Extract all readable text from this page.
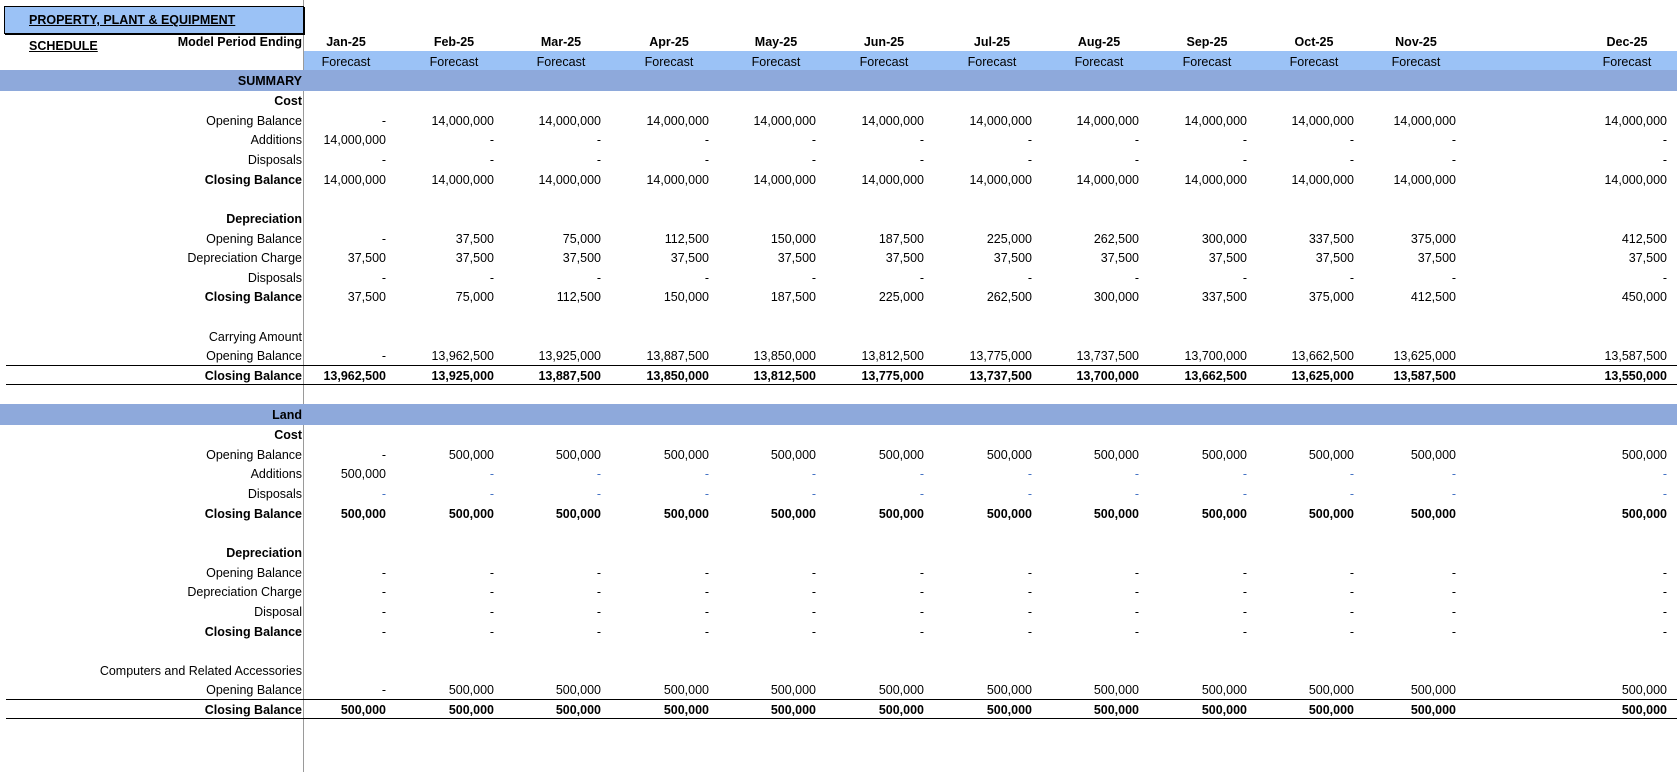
PROPERTY, PLANT & EQUIPMENT SCHEDULE	Model Period Ending	Jan-25	Feb-25	Mar-25	Apr-25	May-25	Jun-25	Jul-25	Aug-25	Sep-25	Oct-25	Nov-25	Dec-25
Forecast	Forecast	Forecast	Forecast	Forecast	Forecast	Forecast	Forecast	Forecast	Forecast	Forecast	Forecast
SUMMARY
Cost
Opening Balance	-	14,000,000	14,000,000	14,000,000	14,000,000	14,000,000	14,000,000	14,000,000	14,000,000	14,000,000	14,000,000	14,000,000
Additions	14,000,000	-	-	-	-	-	-	-	-	-	-	-
Disposals	-	-	-	-	-	-	-	-	-	-	-	-
Closing Balance	14,000,000	14,000,000	14,000,000	14,000,000	14,000,000	14,000,000	14,000,000	14,000,000	14,000,000	14,000,000	14,000,000	14,000,000
Depreciation
Opening Balance	-	37,500	75,000	112,500	150,000	187,500	225,000	262,500	300,000	337,500	375,000	412,500
Depreciation Charge	37,500	37,500	37,500	37,500	37,500	37,500	37,500	37,500	37,500	37,500	37,500	37,500
Disposals	-	-	-	-	-	-	-	-	-	-	-	-
Closing Balance	37,500	75,000	112,500	150,000	187,500	225,000	262,500	300,000	337,500	375,000	412,500	450,000
Carrying Amount
Opening Balance	-	13,962,500	13,925,000	13,887,500	13,850,000	13,812,500	13,775,000	13,737,500	13,700,000	13,662,500	13,625,000	13,587,500
Closing Balance	13,962,500	13,925,000	13,887,500	13,850,000	13,812,500	13,775,000	13,737,500	13,700,000	13,662,500	13,625,000	13,587,500	13,550,000
Land
Cost
Opening Balance	-	500,000	500,000	500,000	500,000	500,000	500,000	500,000	500,000	500,000	500,000	500,000
Additions	500,000	-	-	-	-	-	-	-	-	-	-	-
Disposals	-	-	-	-	-	-	-	-	-	-	-	-
Closing Balance	500,000	500,000	500,000	500,000	500,000	500,000	500,000	500,000	500,000	500,000	500,000	500,000
Depreciation
Opening Balance	-	-	-	-	-	-	-	-	-	-	-	-
Depreciation Charge	-	-	-	-	-	-	-	-	-	-	-	-
Disposal	-	-	-	-	-	-	-	-	-	-	-	-
Closing Balance	-	-	-	-	-	-	-	-	-	-	-	-
Computers and Related Accessories
Opening Balance	-	500,000	500,000	500,000	500,000	500,000	500,000	500,000	500,000	500,000	500,000	500,000
Closing Balance	500,000	500,000	500,000	500,000	500,000	500,000	500,000	500,000	500,000	500,000	500,000	500,000
